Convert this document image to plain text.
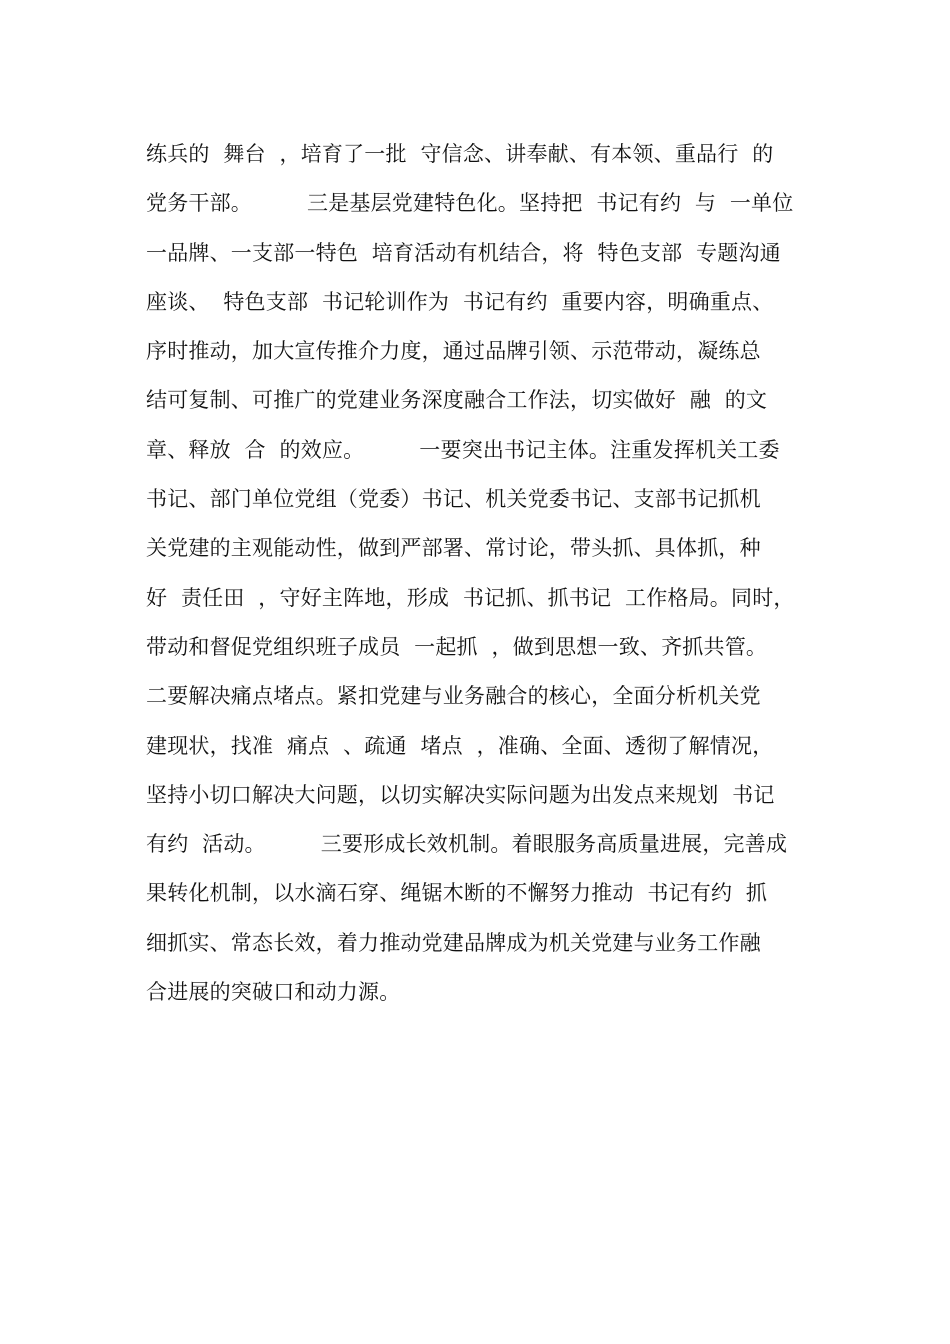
练兵的  舞台  ，培育了一批  守信念、讲奉献、有本领、重品行  的
党务干部。        三是基层党建特色化。坚持把  书记有约  与  一单位
一品牌、一支部一特色  培育活动有机结合，将  特色支部  专题沟通
座谈、  特色支部  书记轮训作为  书记有约  重要内容，明确重点、
序时推动，加大宣传推介力度，通过品牌引领、示范带动，凝练总
结可复制、可推广的党建业务深度融合工作法，切实做好  融  的文
章、释放  合  的效应。        一要突出书记主体。注重发挥机关工委
书记、部门单位党组（党委）书记、机关党委书记、支部书记抓机
关党建的主观能动性，做到严部署、常讨论，带头抓、具体抓，种
好  责任田  ，守好主阵地，形成  书记抓、抓书记  工作格局。同时，
带动和督促党组织班子成员  一起抓  ，做到思想一致、齐抓共管。
二要解决痛点堵点。紧扣党建与业务融合的核心，全面分析机关党
建现状，找准  痛点  、疏通  堵点  ，准确、全面、透彻了解情况，
坚持小切口解决大问题，以切实解决实际问题为出发点来规划  书记
有约  活动。        三要形成长效机制。着眼服务高质量进展，完善成
果转化机制，以水滴石穿、绳锯木断的不懈努力推动  书记有约  抓
细抓实、常态长效，着力推动党建品牌成为机关党建与业务工作融
合进展的突破口和动力源。
